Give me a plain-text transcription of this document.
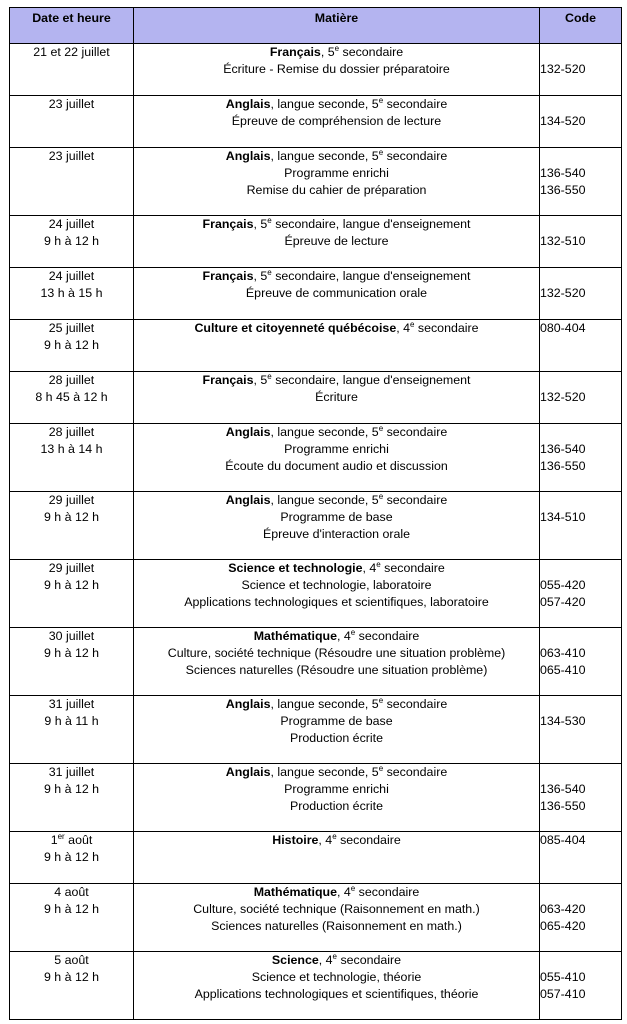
Date et heure	Matière	Code

21 et 22 juillet	Français, 5e secondaire
Écriture - Remise du dossier préparatoire	132-520

23 juillet	Anglais, langue seconde, 5e secondaire
Épreuve de compréhension de lecture	134-520

23 juillet	Anglais, langue seconde, 5e secondaire
Programme enrichi
Remise du cahier de préparation	136-540
136-550

24 juillet
9 h à 12 h	Français, 5e secondaire, langue d'enseignement
Épreuve de lecture	132-510

24 juillet
13 h à 15 h	Français, 5e secondaire, langue d'enseignement
Épreuve de communication orale	132-520

25 juillet
9 h à 12 h	Culture et citoyenneté québécoise, 4e secondaire	080-404

28 juillet
8 h 45 à 12 h	Français, 5e secondaire, langue d'enseignement
Écriture	132-520

28 juillet
13 h à 14 h	Anglais, langue seconde, 5e secondaire
Programme enrichi
Écoute du document audio et discussion	136-540
136-550

29 juillet
9 h à 12 h	Anglais, langue seconde, 5e secondaire
Programme de base
Épreuve d'interaction orale	134-510

29 juillet
9 h à 12 h	Science et technologie, 4e secondaire
Science et technologie, laboratoire
Applications technologiques et scientifiques, laboratoire	055-420
057-420

30 juillet
9 h à 12 h	Mathématique, 4e secondaire
Culture, société technique (Résoudre une situation problème)
Sciences naturelles (Résoudre une situation problème)	063-410
065-410

31 juillet
9 h à 11 h	Anglais, langue seconde, 5e secondaire
Programme de base
Production écrite	134-530

31 juillet
9 h à 12 h	Anglais, langue seconde, 5e secondaire
Programme enrichi
Production écrite	136-540
136-550

1er août
9 h à 12 h	Histoire, 4e secondaire	085-404

4 août
9 h à 12 h	Mathématique, 4e secondaire
Culture, société technique (Raisonnement en math.)
Sciences naturelles (Raisonnement en math.)	063-420
065-420

5 août
9 h à 12 h	Science, 4e secondaire
Science et technologie, théorie
Applications technologiques et scientifiques, théorie	055-410
057-410
